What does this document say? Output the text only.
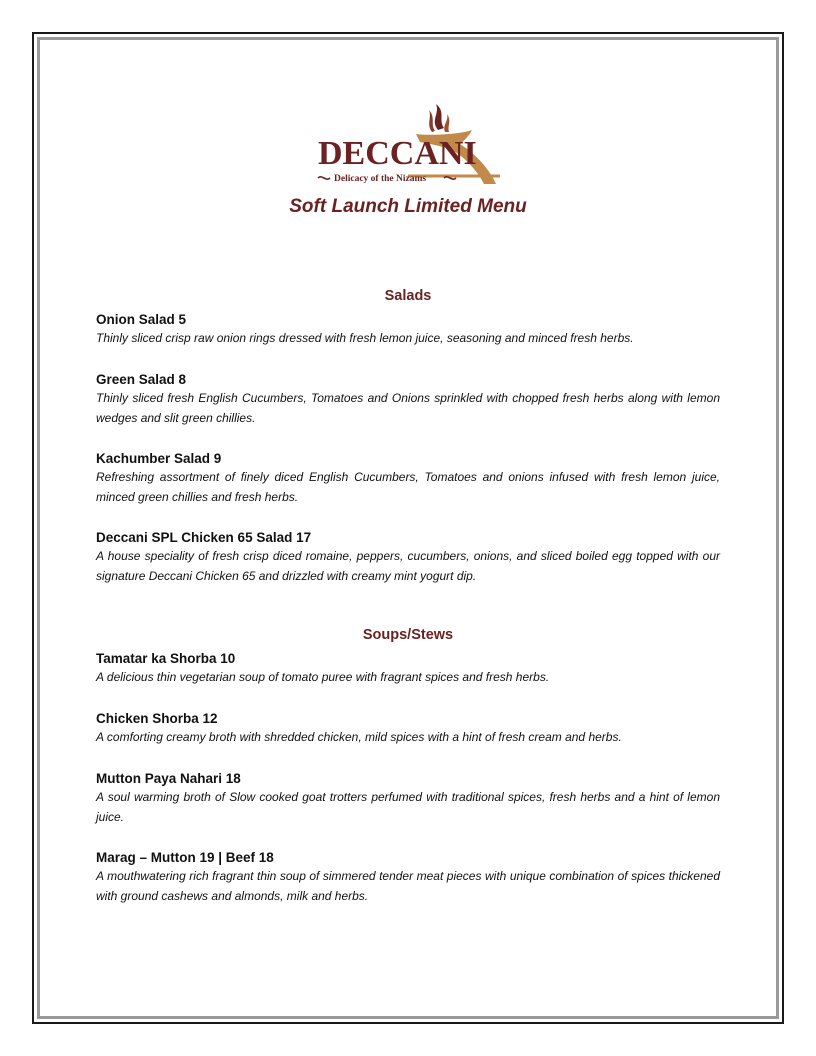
DECCANI
Delicacy of the Nizams
Soft Launch Limited Menu
Salads

Onion Salad 5

Thinly sliced crisp raw onion rings dressed with fresh lemon juice, seasoning and minced fresh herbs.

Green Salad 8

Thinly sliced fresh English Cucumbers, Tomatoes and Onions sprinkled with chopped fresh herbs along with lemon wedges and slit green chillies.

Kachumber Salad 9

Refreshing assortment of finely diced English Cucumbers, Tomatoes and onions infused with fresh lemon juice, minced green chillies and fresh herbs.

Deccani SPL Chicken 65 Salad 17

A house speciality of fresh crisp diced romaine, peppers, cucumbers, onions, and sliced boiled egg topped with our signature Deccani Chicken 65 and drizzled with creamy mint yogurt dip.

Soups/Stews

Tamatar ka Shorba 10

A delicious thin vegetarian soup of tomato puree with fragrant spices and fresh herbs.

Chicken Shorba 12

A comforting creamy broth with shredded chicken, mild spices with a hint of fresh cream and herbs.

Mutton Paya Nahari 18

A soul warming broth of Slow cooked goat trotters perfumed with traditional spices, fresh herbs and a hint of lemon juice.

Marag – Mutton 19 | Beef 18

A mouthwatering rich fragrant thin soup of simmered tender meat pieces with unique combination of spices thickened with ground cashews and almonds, milk and herbs.
